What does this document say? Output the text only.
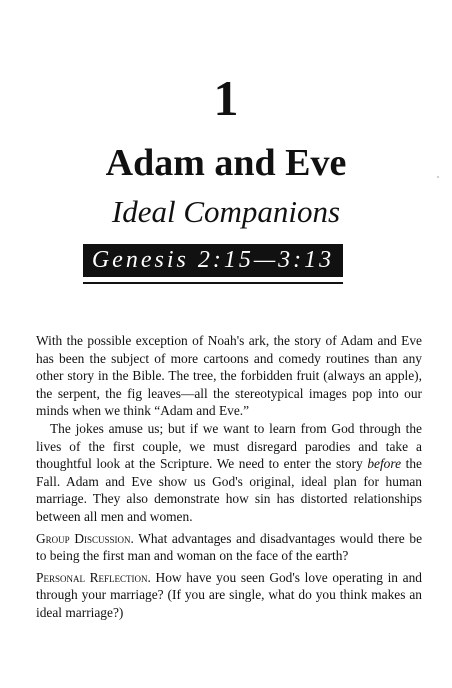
1
Adam and Eve
Ideal Companions
Genesis 2:15—3:13

With the possible exception of Noah's ark, the story of Adam and Eve has been the subject of more cartoons and comedy routines than any other story in the Bible. The tree, the forbidden fruit (always an apple), the serpent, the fig leaves—all the stereotypical images pop into our minds when we think “Adam and Eve.”

The jokes amuse us; but if we want to learn from God through the lives of the first couple, we must disregard parodies and take a thoughtful look at the Scripture. We need to enter the story before the Fall. Adam and Eve show us God's original, ideal plan for human marriage. They also demonstrate how sin has distorted relationships between all men and women.

Group Discussion. What advantages and disadvantages would there be to being the first man and woman on the face of the earth?

Personal Reflection. How have you seen God's love operating in and through your marriage? (If you are single, what do you think makes an ideal marriage?)
